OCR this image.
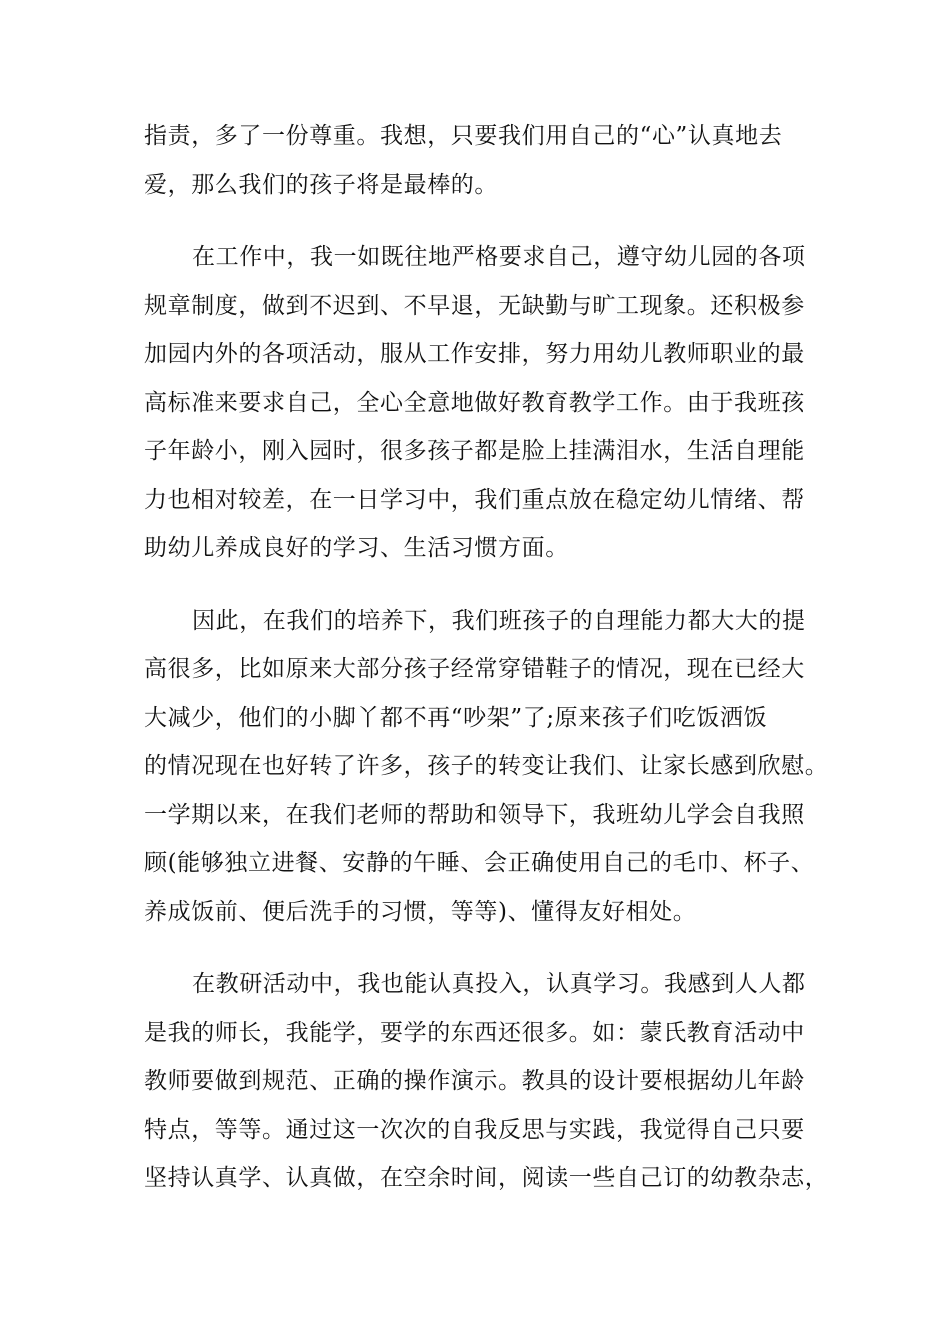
指责，多了一份尊重。我想，只要我们用自己的“心”认真地去
爱，那么我们的孩子将是最棒的。
在工作中，我一如既往地严格要求自己，遵守幼儿园的各项
规章制度，做到不迟到、不早退，无缺勤与旷工现象。还积极参
加园内外的各项活动，服从工作安排，努力用幼儿教师职业的最
高标准来要求自己，全心全意地做好教育教学工作。由于我班孩
子年龄小，刚入园时，很多孩子都是脸上挂满泪水，生活自理能
力也相对较差，在一日学习中，我们重点放在稳定幼儿情绪、帮
助幼儿养成良好的学习、生活习惯方面。
因此，在我们的培养下，我们班孩子的自理能力都大大的提
高很多，比如原来大部分孩子经常穿错鞋子的情况，现在已经大
大减少，他们的小脚丫都不再“吵架”了;原来孩子们吃饭洒饭
的情况现在也好转了许多，孩子的转变让我们、让家长感到欣慰。
一学期以来，在我们老师的帮助和领导下，我班幼儿学会自我照
顾(能够独立进餐、安静的午睡、会正确使用自己的毛巾、杯子、
养成饭前、便后洗手的习惯，等等)、懂得友好相处。
在教研活动中，我也能认真投入，认真学习。我感到人人都
是我的师长，我能学，要学的东西还很多。如：蒙氏教育活动中
教师要做到规范、正确的操作演示。教具的设计要根据幼儿年龄
特点，等等。通过这一次次的自我反思与实践，我觉得自己只要
坚持认真学、认真做，在空余时间，阅读一些自己订的幼教杂志，
